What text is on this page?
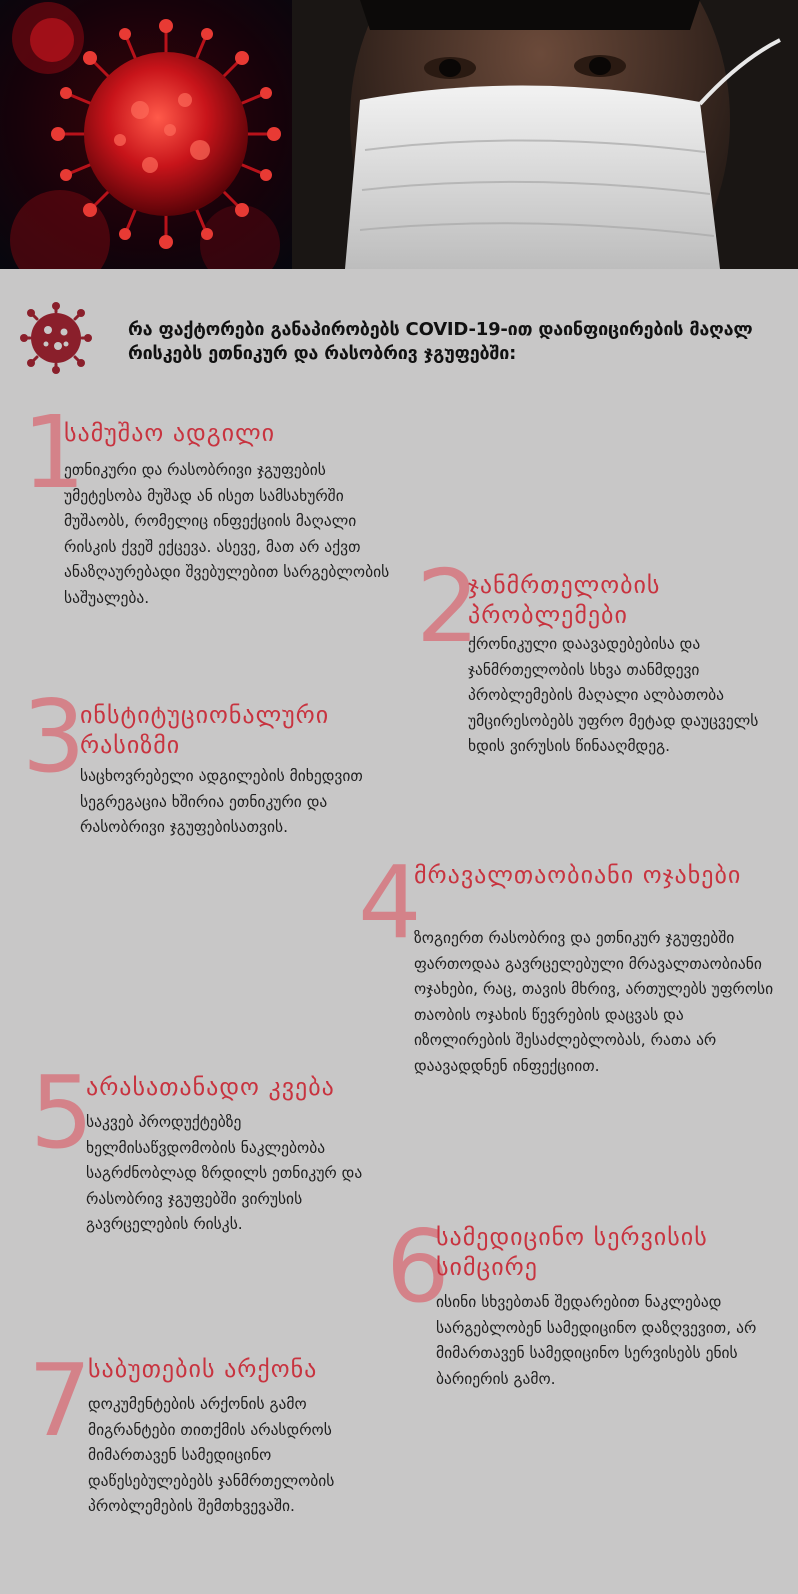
რა ფაქტორები განაპირობებს COVID-19-ით დაინფიცირების მაღალ რისკებს ეთნიკურ და რასობრივ ჯგუფებში:
1
სამუშაო ადგილი
ეთნიკური და რასობრივი ჯგუფების უმეტესობა მუშად ან ისეთ სამსახურში მუშაობს, რომელიც ინფექციის მაღალი რისკის ქვეშ ექცევა. ასევე, მათ არ აქვთ ანაზღაურებადი შვებულებით სარგებლობის საშუალება.	2
ჯანმრთელობის პრობლემები
ქრონიკული დაავადებებისა და ჯანმრთელობის სხვა თანმდევი პრობლემების მაღალი ალბათობა უმცირესობებს უფრო მეტად დაუცველს ხდის ვირუსის წინააღმდეგ.
3
ინსტიტუციონალური რასიზმი
საცხოვრებელი ადგილების მიხედვით სეგრეგაცია ხშირია ეთნიკური და რასობრივი ჯგუფებისათვის.
4
მრავალთაობიანი ოჯახები
ზოგიერთ რასობრივ და ეთნიკურ ჯგუფებში ფართოდაა გავრცელებული მრავალთაობიანი ოჯახები, რაც, თავის მხრივ, ართულებს უფროსი თაობის ოჯახის წევრების დაცვას და იზოლირების შესაძლებლობას, რათა არ დაავადდნენ ინფექციით.
5
არასათანადო კვება
საკვებ პროდუქტებზე ხელმისაწვდომობის ნაკლებობა საგრძნობლად ზრდილს ეთნიკურ და რასობრივ ჯგუფებში ვირუსის გავრცელების რისკს.	6
სამედიცინო სერვისის სიმცირე
ისინი სხვებთან შედარებით ნაკლებად სარგებლობენ სამედიცინო დაზღვევით, არ მიმართავენ სამედიცინო სერვისებს ენის ბარიერის გამო.
7
საბუთების არქონა
დოკუმენტების არქონის გამო მიგრანტები თითქმის არასდროს მიმართავენ სამედიცინო დაწესებულებებს ჯანმრთელობის პრობლემების შემთხვევაში.
